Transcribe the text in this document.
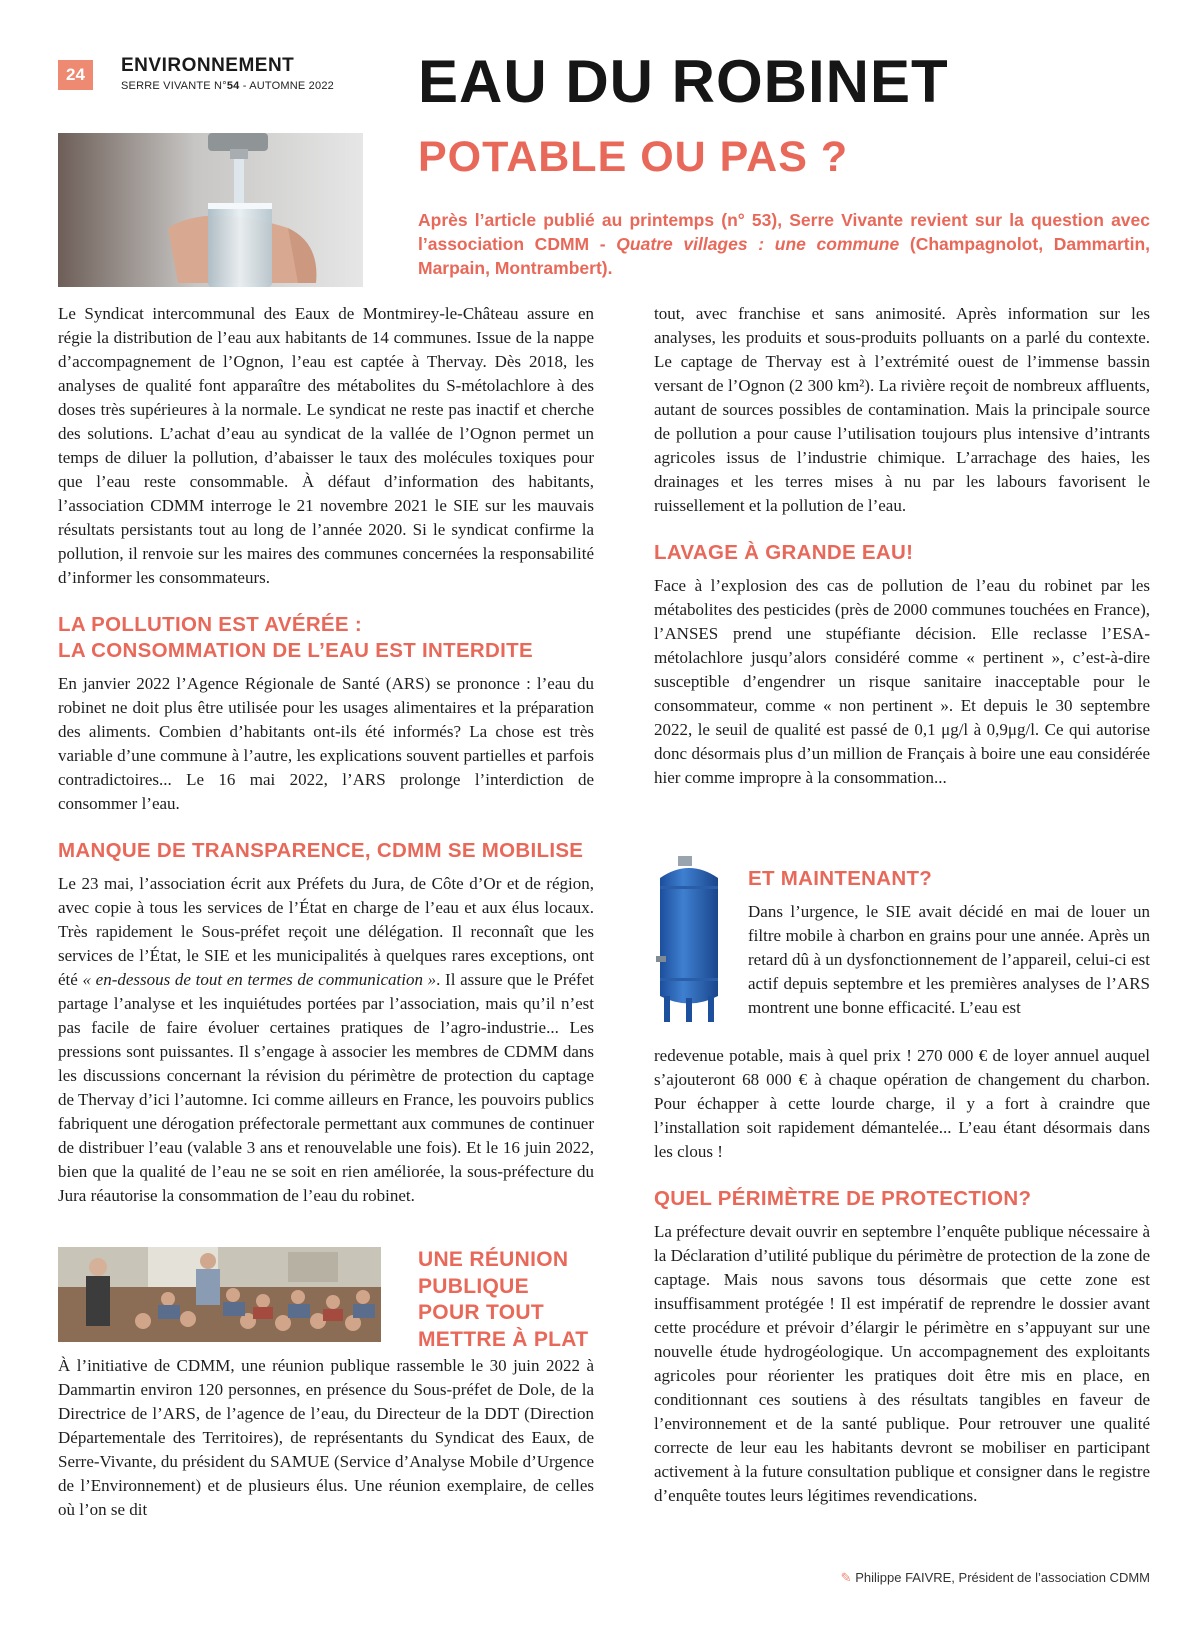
24	ENVIRONNEMENT
SERRE VIVANTE N°54 - AUTOMNE 2022 EAU DU ROBINET
POTABLE OU PAS ?
Après l’article publié au printemps (n° 53), Serre Vivante revient sur la question avec l’association CDMM - Quatre villages : une commune (Champagnolot, Dammartin, Marpain, Montrambert).

Le Syndicat intercommunal des Eaux de Montmirey-le-Château assure en régie la distribution de l’eau aux habitants de 14 communes. Issue de la nappe d’accompagnement de l’Ognon, l’eau est captée à Thervay. Dès 2018, les analyses de qualité font apparaître des métabolites du S-métolachlore à des doses très supérieures à la normale. Le syndicat ne reste pas inactif et cherche des solutions. L’achat d’eau au syndicat de la vallée de l’Ognon permet un temps de diluer la pollution, d’abaisser le taux des molécules toxiques pour que l’eau reste consommable. À défaut d’information des habitants, l’association CDMM interroge le 21 novembre 2021 le SIE sur les mauvais résultats persistants tout au long de l’année 2020. Si le syndicat confirme la pollution, il renvoie sur les maires des communes concernées la responsabilité d’informer les consommateurs.

LA POLLUTION EST AVÉRÉE :

LA CONSOMMATION DE L’EAU EST INTERDITE

En janvier 2022 l’Agence Régionale de Santé (ARS) se prononce : l’eau du robinet ne doit plus être utilisée pour les usages alimentaires et la préparation des aliments. Combien d’habitants ont-ils été informés? La chose est très variable d’une commune à l’autre, les explications souvent partielles et parfois contradictoires... Le 16 mai 2022, l’ARS prolonge l’interdiction de consommer l’eau.

MANQUE DE TRANSPARENCE, CDMM SE MOBILISE

Le 23 mai, l’association écrit aux Préfets du Jura, de Côte d’Or et de région, avec copie à tous les services de l’État en charge de l’eau et aux élus locaux. Très rapidement le Sous-préfet reçoit une délégation. Il reconnaît que les services de l’État, le SIE et les municipalités à quelques rares exceptions, ont été « en-dessous de tout en termes de communication ». Il assure que le Préfet partage l’analyse et les inquiétudes portées par l’association, mais qu’il n’est pas facile de faire évoluer certaines pratiques de l’agro-industrie... Les pressions sont puissantes. Il s’engage à associer les membres de CDMM dans les discussions concernant la révision du périmètre de protection du captage de Thervay d’ici l’automne. Ici comme ailleurs en France, les pouvoirs publics fabriquent une dérogation préfectorale permettant aux communes de continuer de distribuer l’eau (valable 3 ans et renouvelable une fois). Et le 16 juin 2022, bien que la qualité de l’eau ne se soit en rien améliorée, la sous-préfecture du Jura réautorise la consommation de l’eau du robinet.

UNE RÉUNION

PUBLIQUE

POUR TOUT

METTRE À PLAT

À l’initiative de CDMM, une réunion publique rassemble le 30 juin 2022 à Dammartin environ 120 personnes, en présence du Sous-préfet de Dole, de la Directrice de l’ARS, de l’agence de l’eau, du Directeur de la DDT (Direction Départementale des Territoires), de représentants du Syndicat des Eaux, de Serre-Vivante, du président du SAMUE (Service d’Analyse Mobile d’Urgence de l’Environnement) et de plusieurs élus. Une réunion exemplaire, de celles où l’on se dit

tout, avec franchise et sans animosité. Après information sur les analyses, les produits et sous-produits polluants on a parlé du contexte. Le captage de Thervay est à l’extrémité ouest de l’immense bassin versant de l’Ognon (2 300 km²). La rivière reçoit de nombreux affluents, autant de sources possibles de contamination. Mais la principale source de pollution a pour cause l’utilisation toujours plus intensive d’intrants agricoles issus de l’industrie chimique. L’arrachage des haies, les drainages et les terres mises à nu par les labours favorisent le ruissellement et la pollution de l’eau.

LAVAGE À GRANDE EAU!

Face à l’explosion des cas de pollution de l’eau du robinet par les métabolites des pesticides (près de 2000 communes touchées en France), l’ANSES prend une stupéfiante décision. Elle reclasse l’ESA-métolachlore jusqu’alors considéré comme « pertinent », c’est-à-dire susceptible d’engendrer un risque sanitaire inacceptable pour le consommateur, comme « non pertinent ». Et depuis le 30 septembre 2022, le seuil de qualité est passé de 0,1 μg/l à 0,9μg/l. Ce qui autorise donc désormais plus d’un million de Français à boire une eau considérée hier comme impropre à la consommation...

ET MAINTENANT?

Dans l’urgence, le SIE avait décidé en mai de louer un filtre mobile à charbon en grains pour une année. Après un retard dû à un dysfonctionnement de l’appareil, celui-ci est actif depuis septembre et les premières analyses de l’ARS montrent une bonne efficacité. L’eau est

redevenue potable, mais à quel prix ! 270 000 € de loyer annuel auquel s’ajouteront 68 000 € à chaque opération de changement du charbon. Pour échapper à cette lourde charge, il y a fort à craindre que l’installation soit rapidement démantelée... L’eau étant désormais dans les clous !

QUEL PÉRIMÈTRE DE PROTECTION?

La préfecture devait ouvrir en septembre l’enquête publique nécessaire à la Déclaration d’utilité publique du périmètre de protection de la zone de captage. Mais nous savons tous désormais que cette zone est insuffisamment protégée ! Il est impératif de reprendre le dossier avant cette procédure et prévoir d’élargir le périmètre en s’appuyant sur une nouvelle étude hydrogéologique. Un accompagnement des exploitants agricoles pour réorienter les pratiques doit être mis en place, en conditionnant ces soutiens à des résultats tangibles en faveur de l’environnement et de la santé publique. Pour retrouver une qualité correcte de leur eau les habitants devront se mobiliser en participant activement à la future consultation publique et consigner dans le registre d’enquête toutes leurs légitimes revendications.

✎ Philippe FAIVRE, Président de l’association CDMM
